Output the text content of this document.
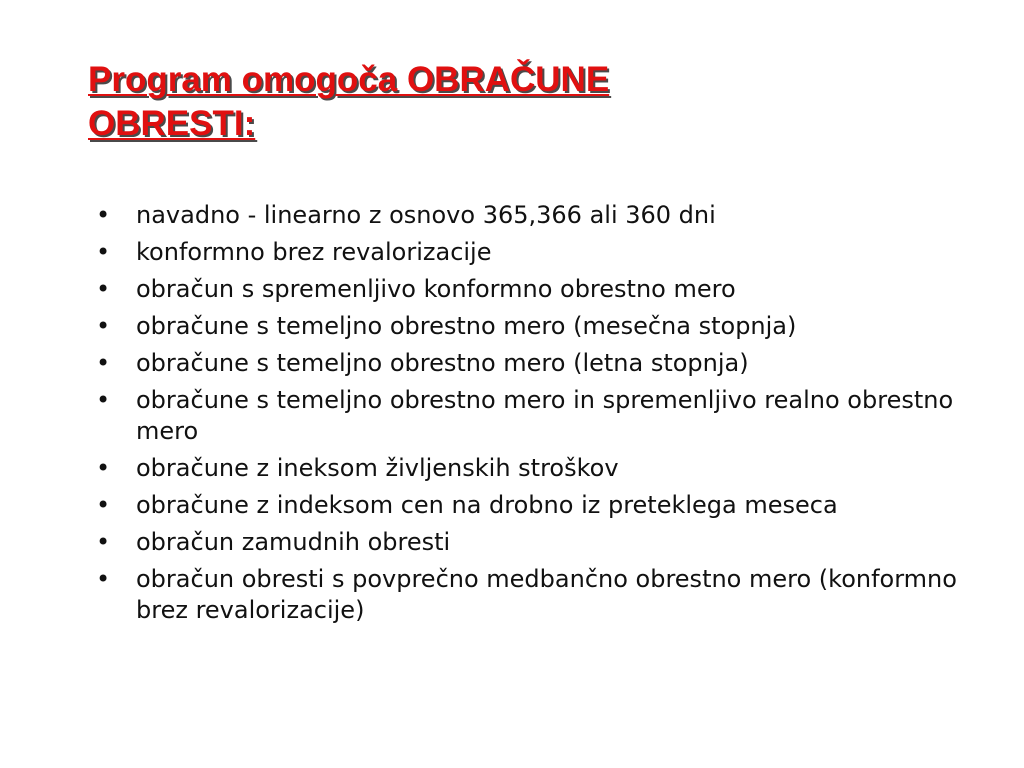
Program omogoča OBRAČUNE
OBRESTI:
•	navadno - linearno z osnovo 365,366 ali 360 dni
•	konformno brez revalorizacije
•	obračun s spremenljivo konformno obrestno mero
•	obračune s temeljno obrestno mero (mesečna stopnja)
•	obračune s temeljno obrestno mero (letna stopnja)
•	obračune s temeljno obrestno mero in spremenljivo realno obrestno mero
•	obračune z ineksom življenskih stroškov
•	obračune z indeksom cen na drobno iz preteklega meseca
•	obračun zamudnih obresti
•	obračun obresti s povprečno medbančno obrestno mero (konformno brez revalorizacije)
